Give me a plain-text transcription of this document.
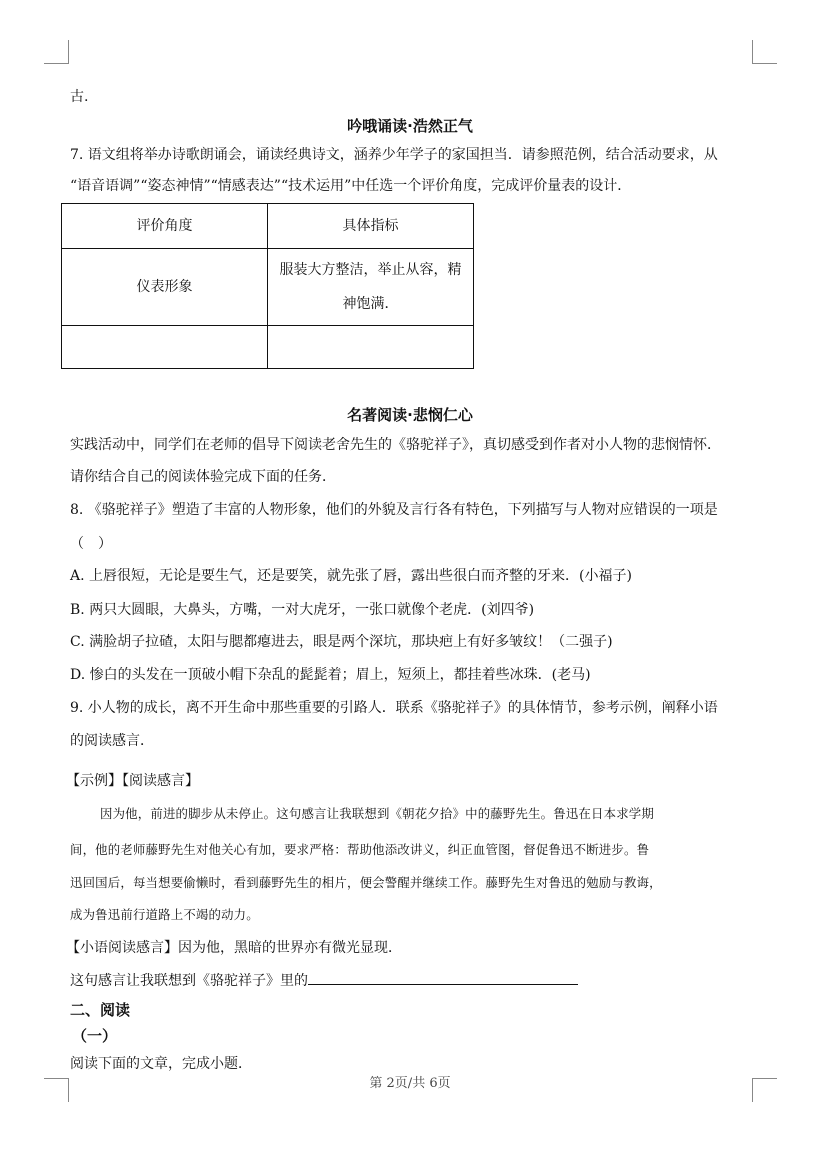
古.
吟哦诵读·浩然正气
7. 语文组将举办诗歌朗诵会，诵读经典诗文，涵养少年学子的家国担当．请参照范例，结合活动要求，从
“语音语调”“姿态神情”“情感表达”“技术运用”中任选一个评价角度，完成评价量表的设计．
评价角度	具体指标
仪表形象	服装大方整洁，举止从容，精
神饱满．

名著阅读·悲悯仁心
实践活动中，同学们在老师的倡导下阅读老舍先生的《骆驼祥子》，真切感受到作者对小人物的悲悯情怀．
请你结合自己的阅读体验完成下面的任务．
8. 《骆驼祥子》塑造了丰富的人物形象，他们的外貌及言行各有特色，下列描写与人物对应错误的一项是
（　）
A. 上唇很短，无论是要生气，还是要笑，就先张了唇，露出些很白而齐整的牙来．(小福子)
B. 两只大圆眼，大鼻头，方嘴，一对大虎牙，一张口就像个老虎．(刘四爷)
C. 满脸胡子拉碴，太阳与腮都瘪进去，眼是两个深坑，那块疤上有好多皱纹！（二强子)
D. 惨白的头发在一顶破小帽下杂乱的髭髭着；眉上，短须上，都挂着些冰珠．(老马)
9. 小人物的成长，离不开生命中那些重要的引路人．联系《骆驼祥子》的具体情节，参考示例，阐释小语
的阅读感言．
【示例】【阅读感言】
因为他，前进的脚步从未停止。这句感言让我联想到《朝花夕拾》中的藤野先生。鲁迅在日本求学期
间，他的老师藤野先生对他关心有加，要求严格：帮助他添改讲义，纠正血管图，督促鲁迅不断进步。鲁
迅回国后，每当想要偷懒时，看到藤野先生的相片，便会警醒并继续工作。藤野先生对鲁迅的勉励与教诲，
成为鲁迅前行道路上不竭的动力。
【小语阅读感言】因为他，黑暗的世界亦有微光显现．
这句感言让我联想到《骆驼祥子》里的
二、阅读
（一）
阅读下面的文章，完成小题．
第 2页/共 6页
